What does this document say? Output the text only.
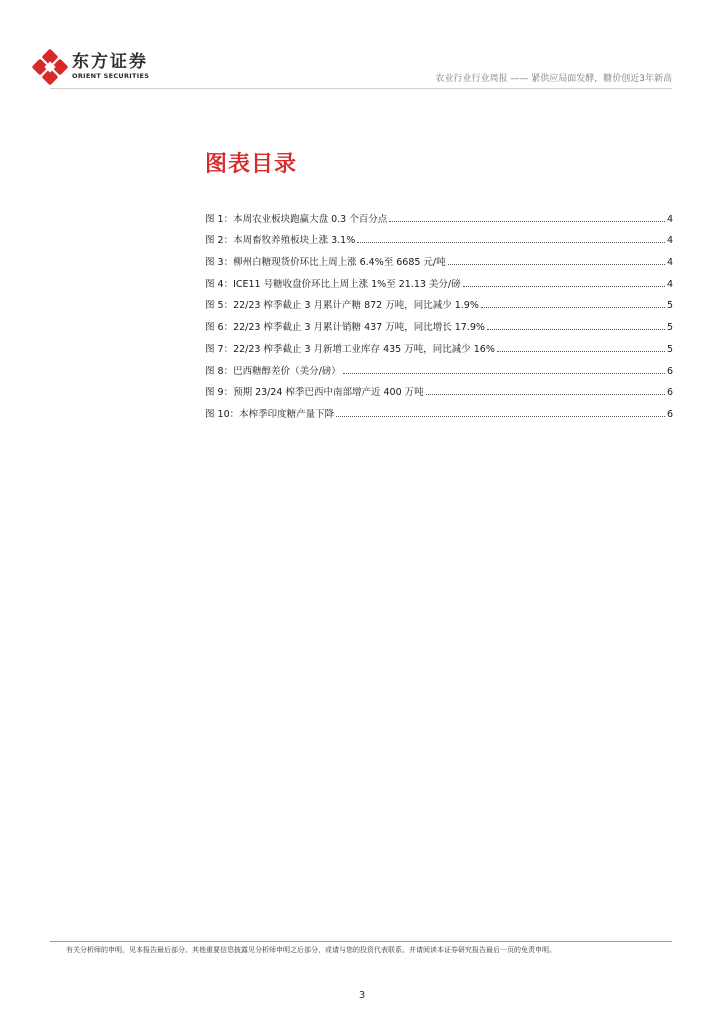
东方证券
ORIENT SECURITIES	农业行业行业周报 —— 紧供应局面发酵，糖价创近3年新高
图表目录
图 1：本周农业板块跑赢大盘 0.3 个百分点	4
图 2：本周畜牧养殖板块上涨 3.1%	4
图 3：柳州白糖现货价环比上周上涨 6.4%至 6685 元/吨	4
图 4：ICE11 号糖收盘价环比上周上涨 1%至 21.13 美分/磅	4
图 5：22/23 榨季截止 3 月累计产糖 872 万吨，同比减少 1.9%	5
图 6：22/23 榨季截止 3 月累计销糖 437 万吨，同比增长 17.9%	5
图 7：22/23 榨季截止 3 月新增工业库存 435 万吨，同比减少 16%	5
图 8：巴西糖醇差价（美分/磅）	6
图 9：预期 23/24 榨季巴西中南部增产近 400 万吨	6
图 10：本榨季印度糖产量下降	6
有关分析师的申明，见本报告最后部分。其他重要信息披露见分析师申明之后部分，或请与您的投资代表联系。并请阅读本证券研究报告最后一页的免责申明。
3
